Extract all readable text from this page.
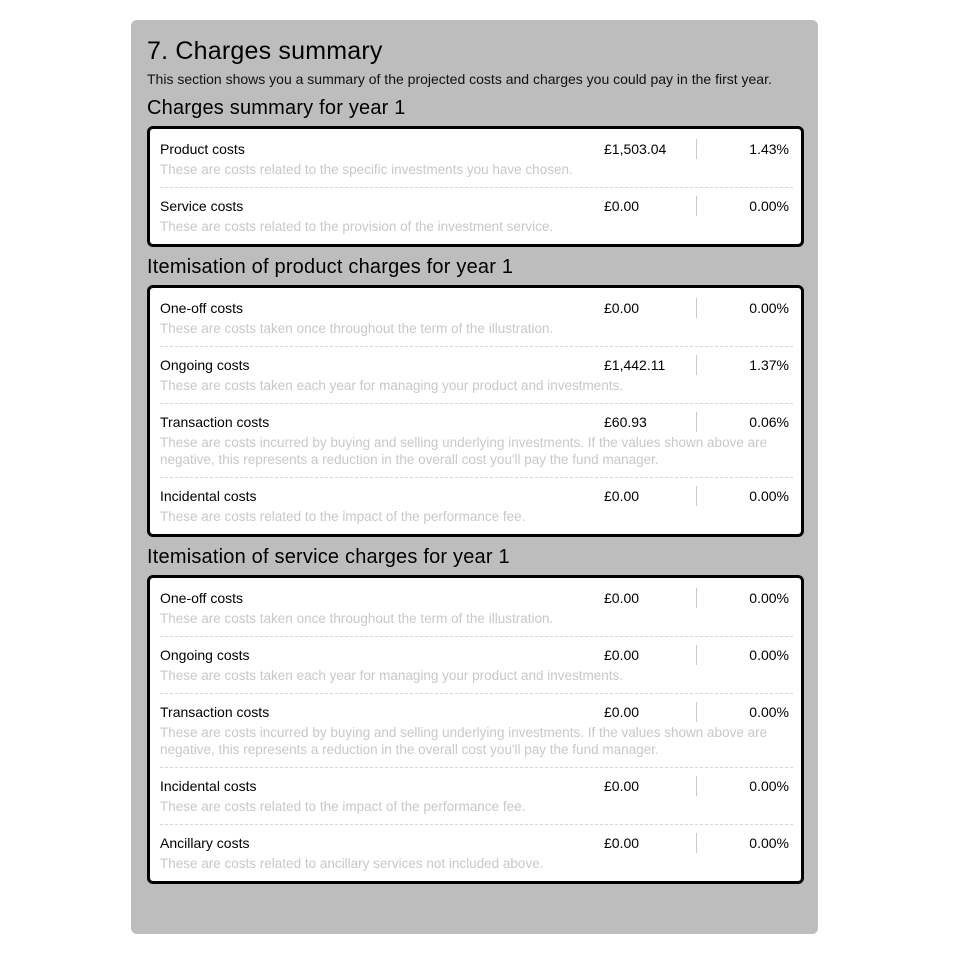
7. Charges summary

This section shows you a summary of the projected costs and charges you could pay in the first year.

Charges summary for year 1
Product costs	£1,503.04	1.43%
These are costs related to the specific investments you have chosen.
Service costs	£0.00	0.00%
These are costs related to the provision of the investment service.
Itemisation of product charges for year 1
One-off costs	£0.00	0.00%
These are costs taken once throughout the term of the illustration.
Ongoing costs	£1,442.11	1.37%
These are costs taken each year for managing your product and investments.
Transaction costs	£60.93	0.06%
These are costs incurred by buying and selling underlying investments. If the values shown above are negative, this represents a reduction in the overall cost you'll pay the fund manager.
Incidental costs	£0.00	0.00%
These are costs related to the impact of the performance fee.
Itemisation of service charges for year 1
One-off costs	£0.00	0.00%
These are costs taken once throughout the term of the illustration.
Ongoing costs	£0.00	0.00%
These are costs taken each year for managing your product and investments.
Transaction costs	£0.00	0.00%
These are costs incurred by buying and selling underlying investments. If the values shown above are negative, this represents a reduction in the overall cost you'll pay the fund manager.
Incidental costs	£0.00	0.00%
These are costs related to the impact of the performance fee.
Ancillary costs	£0.00	0.00%
These are costs related to ancillary services not included above.
